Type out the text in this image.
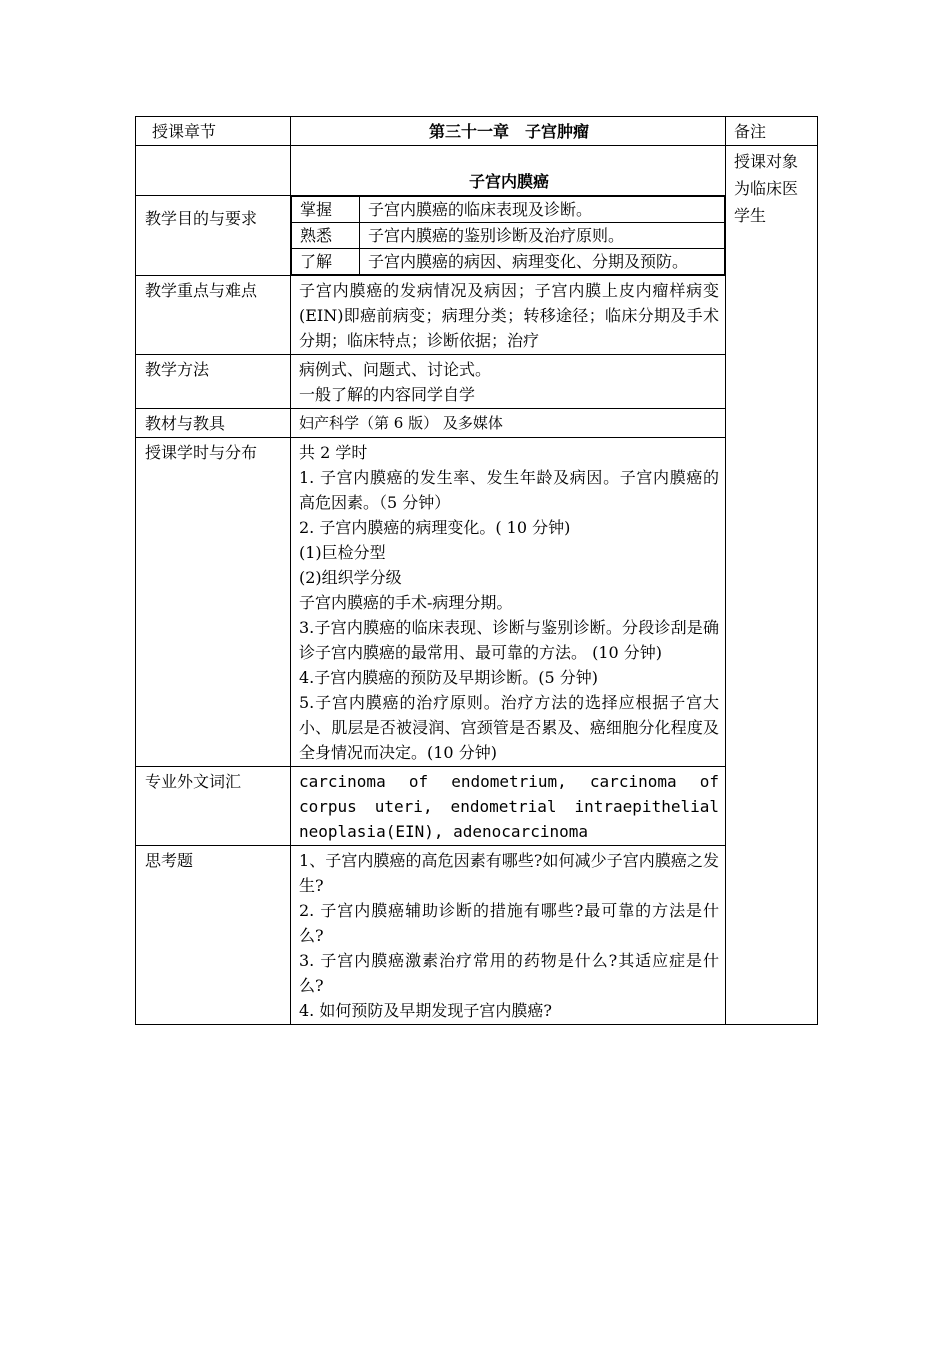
授课章节	第三十一章　子宫肿瘤	备注
	子宫内膜癌	授课对象为临床医学生
教学目的与要求		掌握	子宫内膜癌的临床表现及诊断。
熟悉	子宫内膜癌的鉴别诊断及治疗原则。
了解	子宫内膜癌的病因、病理变化、分期及预防。

教学重点与难点	子宫内膜癌的发病情况及病因；子宫内膜上皮内瘤样病变(EIN)即癌前病变；病理分类；转移途径；临床分期及手术分期；临床特点；诊断依据；治疗
教学方法	病例式、问题式、讨论式。
一般了解的内容同学自学

教材与教具	妇产科学（第 6 版） 及多媒体
授课学时与分布	共 2 学时
1. 子宫内膜癌的发生率、发生年龄及病因。子宫内膜癌的高危因素。（5 分钟）
2. 子宫内膜癌的病理变化。( 10 分钟)
(1)巨检分型
(2)组织学分级
子宫内膜癌的手术-病理分期。
3.子宫内膜癌的临床表现、诊断与鉴别诊断。分段诊刮是确诊子宫内膜癌的最常用、最可靠的方法。 (10 分钟)
4.子宫内膜癌的预防及早期诊断。(5 分钟)
5.子宫内膜癌的治疗原则。治疗方法的选择应根据子宫大小、肌层是否被浸润、宫颈管是否累及、癌细胞分化程度及全身情况而决定。(10 分钟)

专业外文词汇	carcinoma of endometrium, carcinoma of corpus uteri, endometrial intraepithelial neoplasia(EIN), adenocarcinoma
思考题	1、子宫内膜癌的高危因素有哪些?如何减少子宫内膜癌之发生?
2. 子宫内膜癌辅助诊断的措施有哪些?最可靠的方法是什么?
3. 子宫内膜癌激素治疗常用的药物是什么?其适应症是什么?
4. 如何预防及早期发现子宫内膜癌?
